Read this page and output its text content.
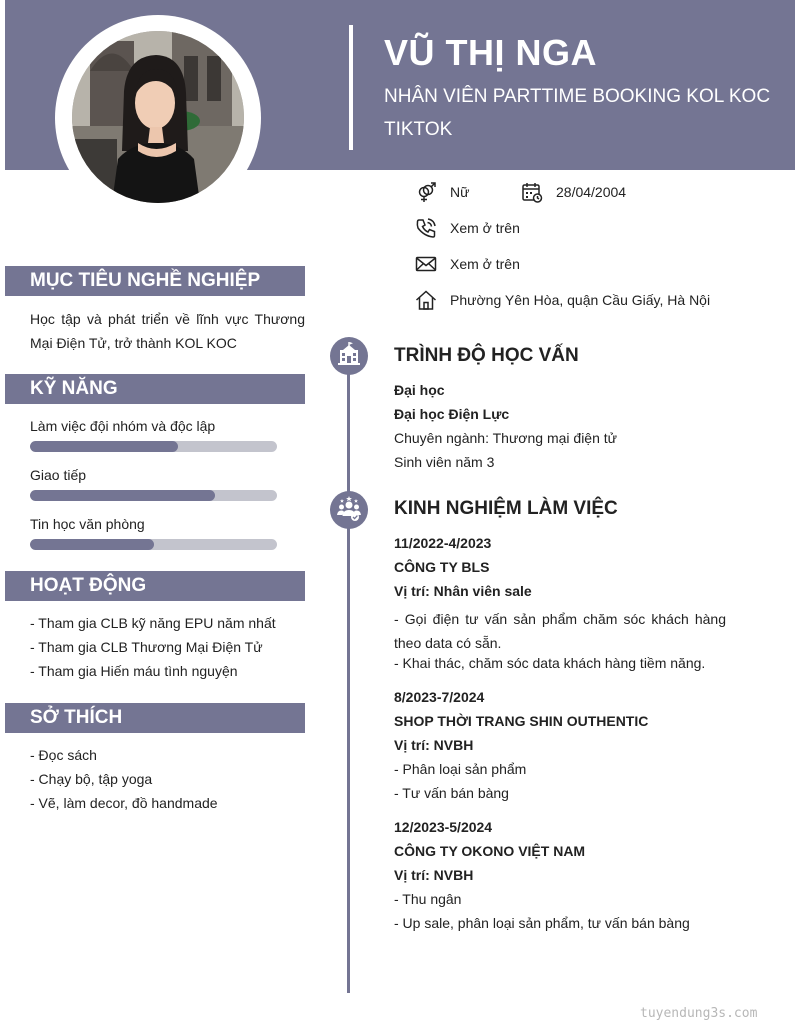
VŨ THỊ NGA
NHÂN VIÊN PARTTIME BOOKING KOL KOC TIKTOK
Nữ	28/04/2004
Xem ở trên
Xem ở trên
Phường Yên Hòa, quận Cầu Giấy, Hà Nội
MỤC TIÊU NGHỀ NGHIỆP
Học tập và phát triển về lĩnh vực Thương Mại Điện Tử, trở thành KOL KOC
KỸ NĂNG
Làm việc đội nhóm và độc lập
Giao tiếp
Tin học văn phòng
HOẠT ĐỘNG
- Tham gia CLB kỹ năng EPU năm nhất
- Tham gia CLB Thương Mại Điện Tử
- Tham gia Hiến máu tình nguyện
SỞ THÍCH
- Đọc sách
- Chạy bộ, tập yoga
- Vẽ, làm decor, đồ handmade
TRÌNH ĐỘ HỌC VẤN
Đại học
Đại học Điện Lực
Chuyên ngành: Thương mại điện tử
Sinh viên năm 3
KINH NGHIỆM LÀM VIỆC
11/2022-4/2023
CÔNG TY BLS
Vị trí: Nhân viên sale
- Gọi điện tư vấn sản phẩm chăm sóc khách hàng theo data có sẵn.
- Khai thác, chăm sóc data khách hàng tiềm năng.
8/2023-7/2024
SHOP THỜI TRANG SHIN OUTHENTIC
Vị trí: NVBH
- Phân loại sản phẩm
- Tư vấn bán bàng
12/2023-5/2024
CÔNG TY OKONO VIỆT NAM
Vị trí: NVBH
- Thu ngân
- Up sale, phân loại sản phẩm, tư vấn bán bàng
tuyendung3s.com
